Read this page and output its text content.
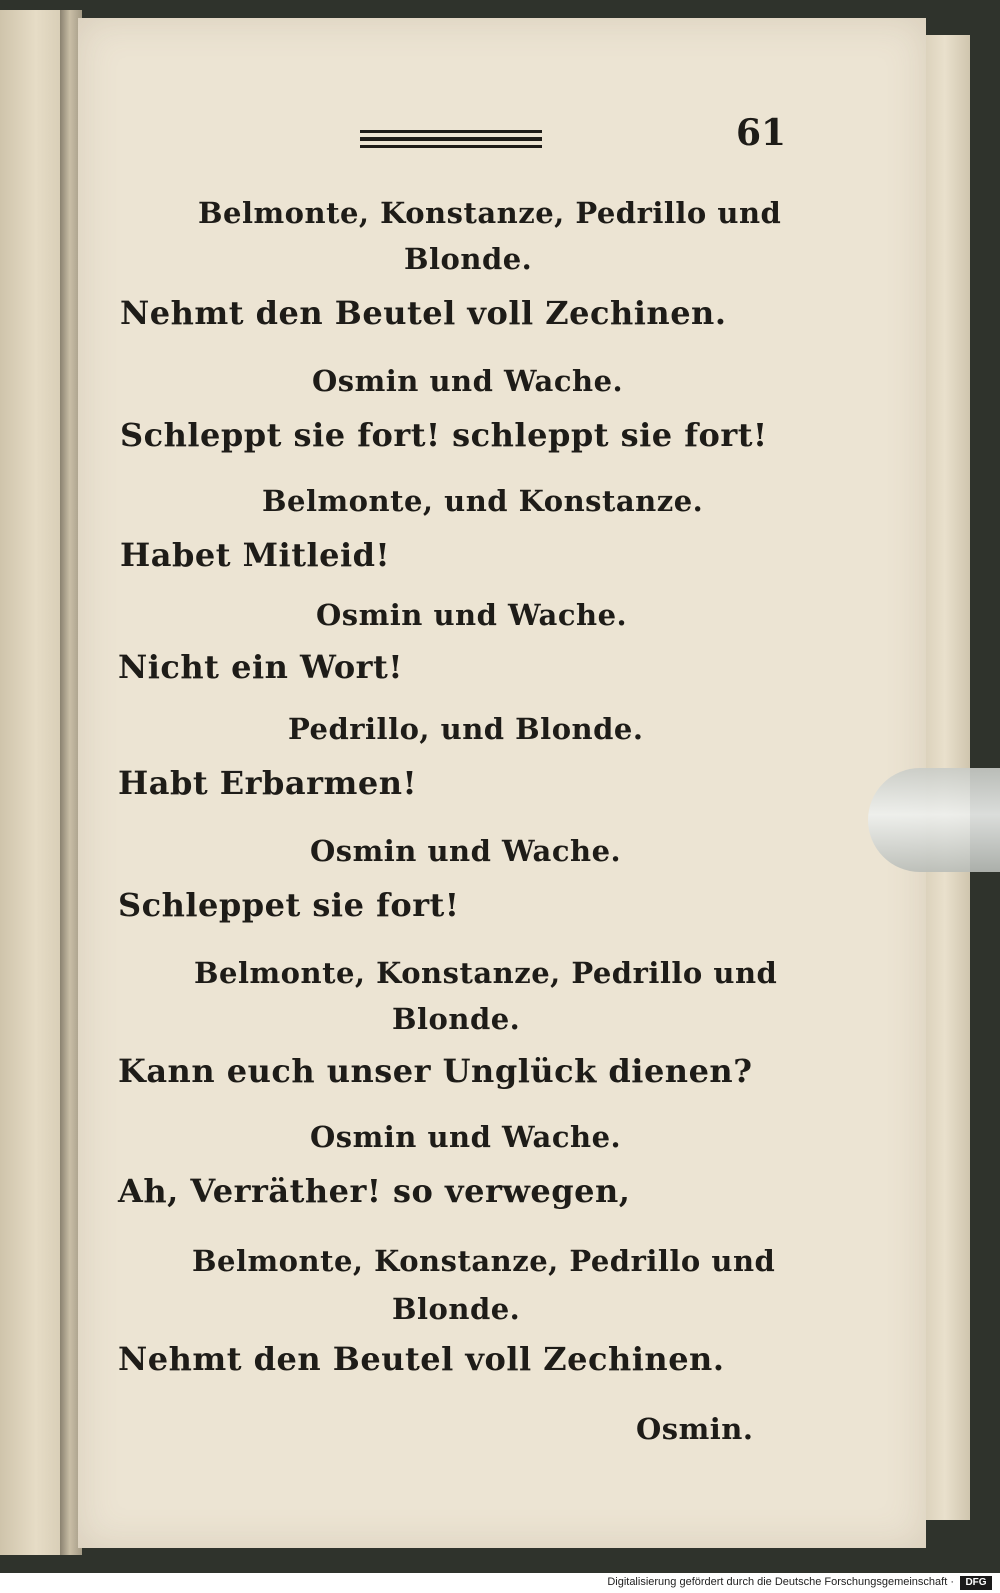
61
Belmonte, Konstanze, Pedrillo und
Blonde.
Nehmt den Beutel voll Zechinen.
Osmin und Wache.
Schleppt sie fort! schleppt sie fort!
Belmonte, und Konstanze.
Habet Mitleid!
Osmin und Wache.
Nicht ein Wort!
Pedrillo, und Blonde.
Habt Erbarmen!
Osmin und Wache.
Schleppet sie fort!
Belmonte, Konstanze, Pedrillo und
Blonde.
Kann euch unser Unglück dienen?
Osmin und Wache.
Ah, Verräther! so verwegen,
Belmonte, Konstanze, Pedrillo und
Blonde.
Nehmt den Beutel voll Zechinen.
Osmin.
Digitalisierung gefördert durch die Deutsche Forschungsgemeinschaft ·	DFG
